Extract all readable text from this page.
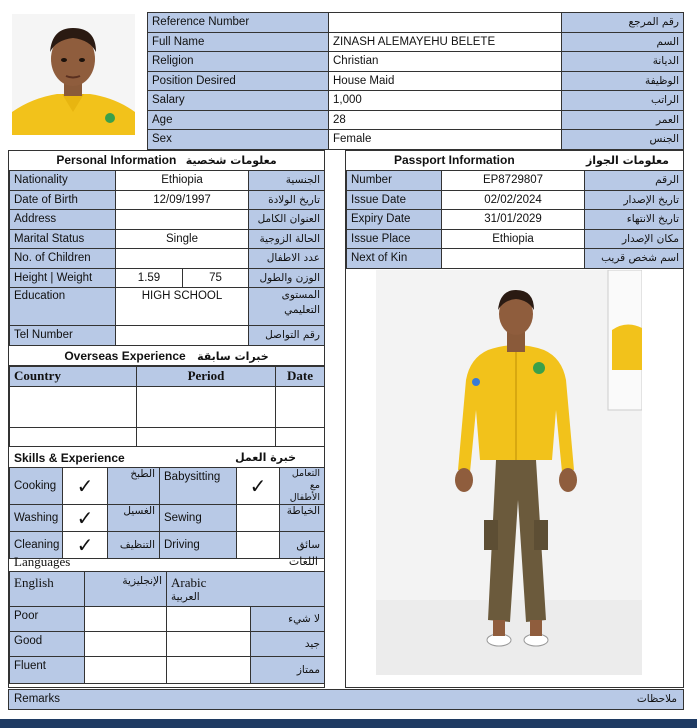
Reference Number		رقم المرجع
Full Name	ZINASH ALEMAYEHU BELETE	السم
Religion	Christian	الديانة
Position Desired	House Maid	الوظيفة
Salary	1,000	الراتب
Age	28	العمر
Sex	Female	الجنس
Personal Information معلومات شخصية
Nationality	Ethiopia		الجنسية
Date of Birth	12/09/1997		تاريخ الولادة
Address			العنوان الكامل
Marital Status	Single		الحالة الزوجية
No. of Children			عدد الاطفال
Height | Weight	1.59	75	الوزن والطول
Education	HIGH SCHOOL		المستوى التعليمي
Tel Number			رقم التواصل
Overseas Experience خبرات سابقة
Country	Period	Date

Skills & Experience	خبرة العمل
Cooking	✓	الطبخ	Babysitting	✓	التعامل مع الأطفال
Washing	✓	الغسيل	Sewing		الخياطة
Cleaning	✓	التنظيف	Driving		سائق
Languages	اللغات
English	الإنجليزية	Arabic
العربية	

Poor			لا شيء
Good			جيد
Fluent			ممتاز
Passport Information	معلومات الجواز
Number	EP8729807	الرقم
Issue Date	02/02/2024	تاريخ الإصدار
Expiry Date	31/01/2029	تاريخ الانتهاء
Issue Place	Ethiopia	مكان الإصدار
Next of Kin		اسم شخص قريب
Remarks	ملاحظات
